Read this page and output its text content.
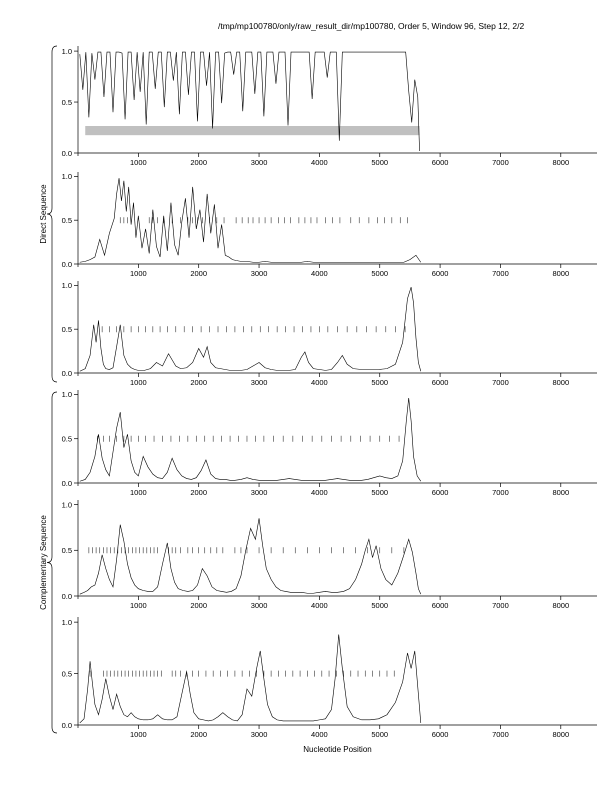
/tmp/mp100780/only/raw_result_dir/mp100780, Order 5, Window 96, Step 12, 2/2
0.0
0.5
1.0
1000	2000	3000	4000	5000	6000	7000	8000
0.0
0.5
1.0
1000	2000	3000	4000	5000	6000	7000	8000
0.0
0.5
1.0
1000	2000	3000	4000	5000	6000	7000	8000
0.0
0.5
1.0
1000	2000	3000	4000	5000	6000	7000	8000
0.0
0.5
1.0
1000	2000	3000	4000	5000	6000	7000	8000
0.0
0.5
1.0
1000	2000	3000	4000	5000	6000	7000	8000
Direct Sequence
Complementary Sequence
Nucleotide Position
